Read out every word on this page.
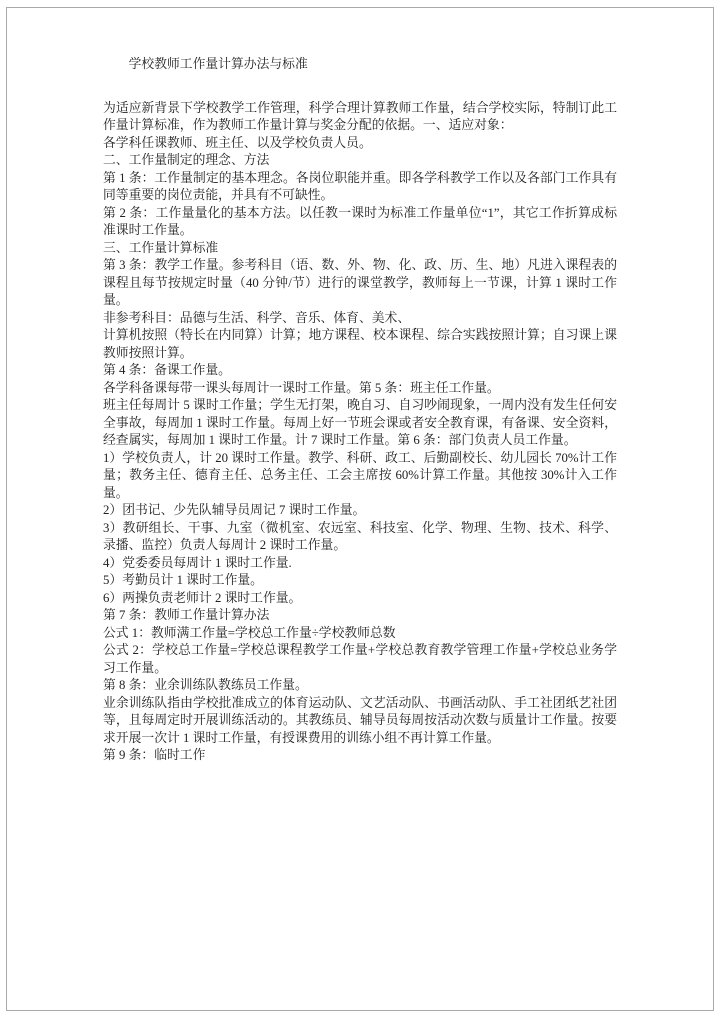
学校教师工作量计算办法与标准

为适应新背景下学校教学工作管理，科学合理计算教师工作量，结合学校实际，特制订此工作量计算标准，作为教师工作量计算与奖金分配的依据。一、适应对象：

各学科任课教师、班主任、以及学校负责人员。

二、工作量制定的理念、方法

第 1 条：工作量制定的基本理念。各岗位职能并重。即各学科教学工作以及各部门工作具有同等重要的岗位责能，并具有不可缺性。

第 2 条：工作量量化的基本方法。以任教一课时为标准工作量单位“1”，其它工作折算成标准课时工作量。

三、工作量计算标准

第 3 条：教学工作量。参考科目（语、数、外、物、化、政、历、生、地）凡进入课程表的课程且每节按规定时量（40 分钟/节）进行的课堂教学，教师每上一节课，计算 1 课时工作量。

非参考科目：品德与生活、科学、音乐、体育、美术、

计算机按照（特长在内同算）计算；地方课程、校本课程、综合实践按照计算；自习课上课教师按照计算。

第 4 条：备课工作量。

各学科备课每带一课头每周计一课时工作量。第 5 条：班主任工作量。

班主任每周计 5 课时工作量；学生无打架，晚自习、自习吵闹现象，一周内没有发生任何安全事故，每周加 1 课时工作量。每周上好一节班会课或者安全教育课，有备课、安全资料，经查属实，每周加 1 课时工作量。计 7 课时工作量。第 6 条：部门负责人员工作量。

1）学校负责人，计 20 课时工作量。教学、科研、政工、后勤副校长、幼儿园长 70%计工作量；教务主任、德育主任、总务主任、工会主席按 60%计算工作量。其他按 30%计入工作量。

2）团书记、少先队辅导员周记 7 课时工作量。

3）教研组长、干事、九室（微机室、农远室、科技室、化学、物理、生物、技术、科学、录播、监控）负责人每周计 2 课时工作量。

4）党委委员每周计 1 课时工作量.

5）考勤员计 1 课时工作量。

6）两操负责老师计 2 课时工作量。

第 7 条：教师工作量计算办法

公式 1：教师满工作量=学校总工作量÷学校教师总数

公式 2：学校总工作量=学校总课程教学工作量+学校总教育教学管理工作量+学校总业务学习工作量。

第 8 条：业余训练队教练员工作量。

业余训练队指由学校批准成立的体育运动队、文艺活动队、书画活动队、手工社团纸艺社团等，且每周定时开展训练活动的。其教练员、辅导员每周按活动次数与质量计工作量。按要求开展一次计 1 课时工作量，有授课费用的训练小组不再计算工作量。

第 9 条：临时工作
